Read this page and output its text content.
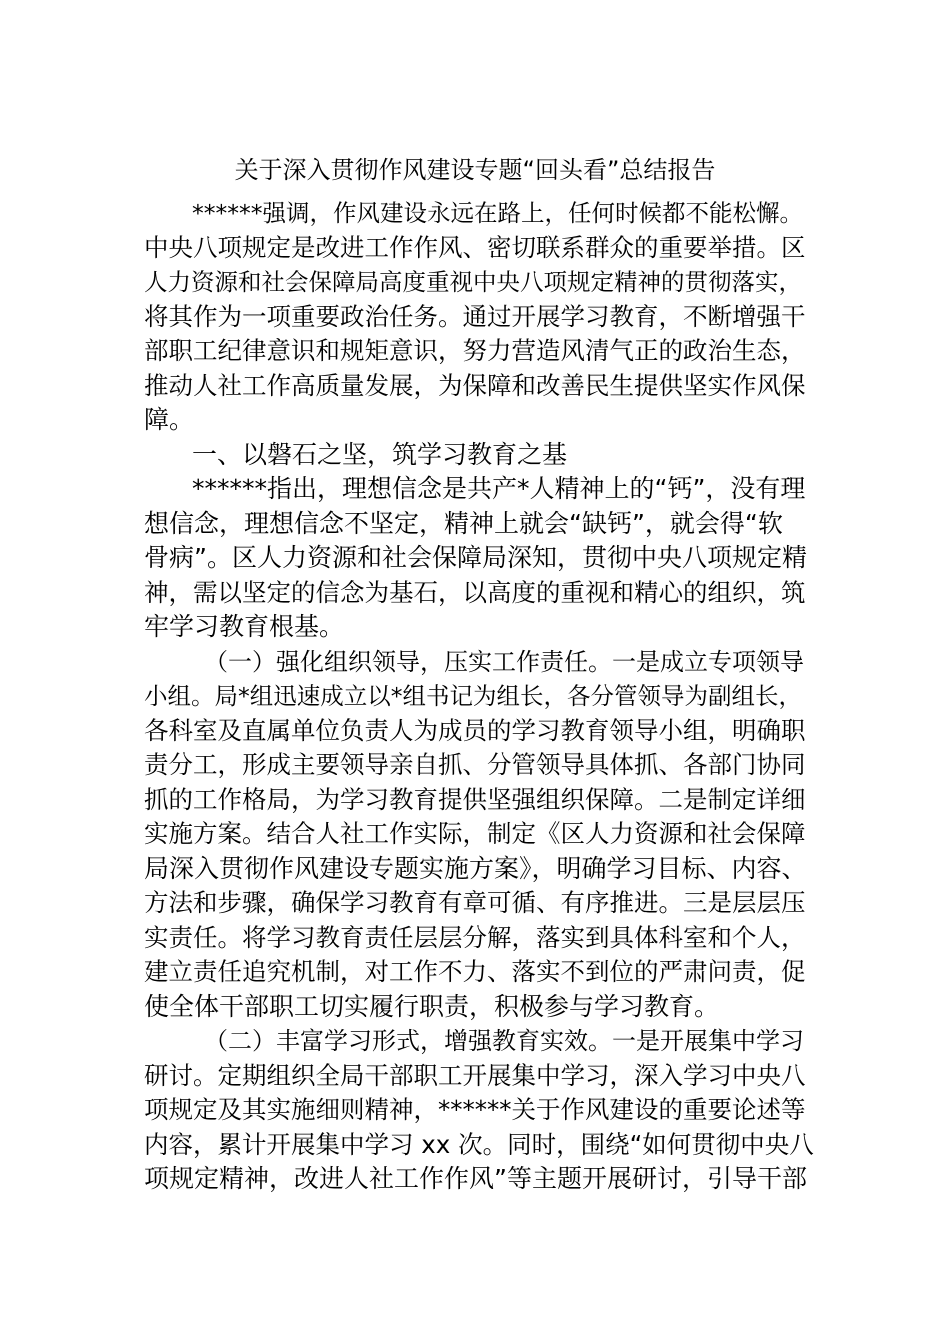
关于深入贯彻作风建设专题“回头看”总结报告
******强调，作风建设永远在路上，任何时候都不能松懈。
中央八项规定是改进工作作风、密切联系群众的重要举措。区
人力资源和社会保障局高度重视中央八项规定精神的贯彻落实，
将其作为一项重要政治任务。通过开展学习教育，不断增强干
部职工纪律意识和规矩意识，努力营造风清气正的政治生态，
推动人社工作高质量发展，为保障和改善民生提供坚实作风保
障。
一、以磐石之坚，筑学习教育之基
******指出，理想信念是共产*人精神上的“钙”，没有理
想信念，理想信念不坚定，精神上就会“缺钙”，就会得“软
骨病”。区人力资源和社会保障局深知，贯彻中央八项规定精
神，需以坚定的信念为基石，以高度的重视和精心的组织，筑
牢学习教育根基。
（一）强化组织领导，压实工作责任。一是成立专项领导
小组。局*组迅速成立以*组书记为组长，各分管领导为副组长，
各科室及直属单位负责人为成员的学习教育领导小组，明确职
责分工，形成主要领导亲自抓、分管领导具体抓、各部门协同
抓的工作格局，为学习教育提供坚强组织保障。二是制定详细
实施方案。结合人社工作实际，制定《区人力资源和社会保障
局深入贯彻作风建设专题实施方案》，明确学习目标、内容、
方法和步骤，确保学习教育有章可循、有序推进。三是层层压
实责任。将学习教育责任层层分解，落实到具体科室和个人，
建立责任追究机制，对工作不力、落实不到位的严肃问责，促
使全体干部职工切实履行职责，积极参与学习教育。
（二）丰富学习形式，增强教育实效。一是开展集中学习
研讨。定期组织全局干部职工开展集中学习，深入学习中央八
项规定及其实施细则精神，******关于作风建设的重要论述等
内容，累计开展集中学习 xx 次。同时，围绕“如何贯彻中央八
项规定精神，改进人社工作作风”等主题开展研讨，引导干部
